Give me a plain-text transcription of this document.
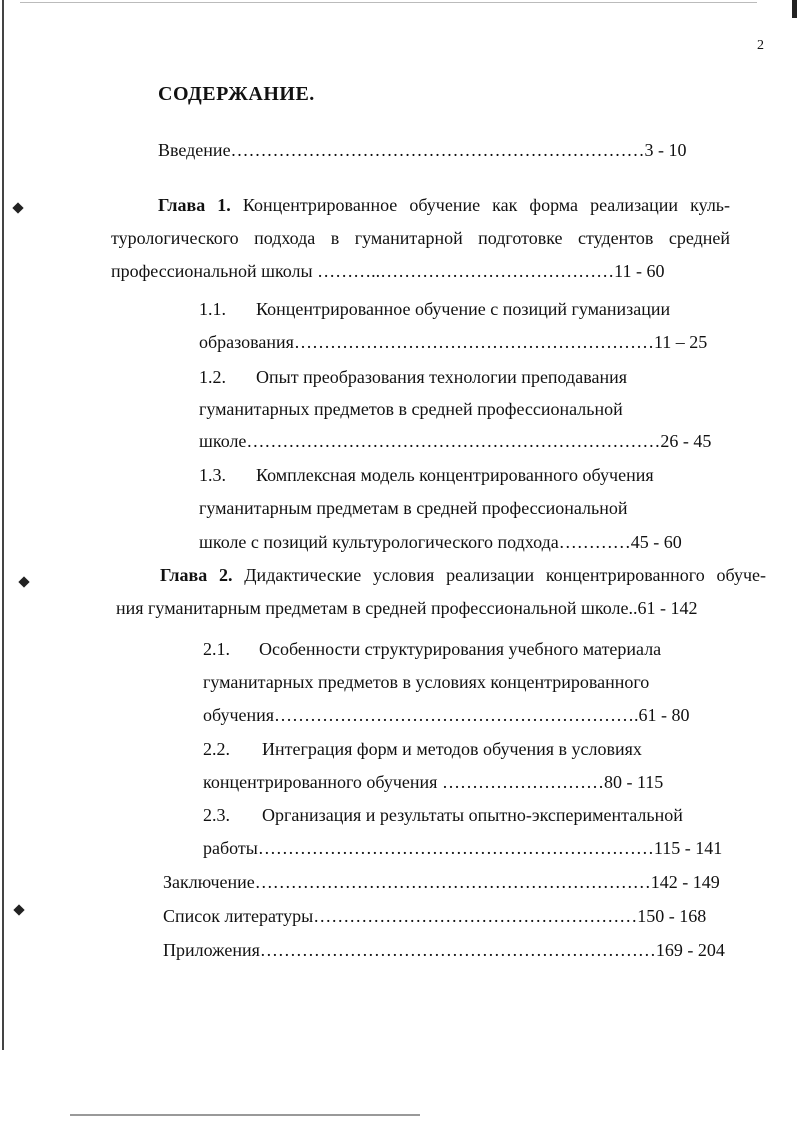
2
СОДЕРЖАНИЕ.
Введение……………………………………………………………3 - 10
Глава 1. Концентрированное обучение как форма реализации куль-
турологического подхода в гуманитарной подготовке студентов средней
профессиональной школы ………..…………………………………11 - 60
1.1. Концентрированное обучение с позиций гуманизации
образования……………………………………………………11 – 25
1.2. Опыт преобразования технологии преподавания
гуманитарных предметов в средней профессиональной
школе……………………………………………………………26 - 45
1.3. Комплексная модель концентрированного обучения
гуманитарным предметам в средней профессиональной
школе с позиций культурологического подхода…………45 - 60
Глава 2. Дидактические условия реализации концентрированного обуче-
ния гуманитарным предметам в средней профессиональной школе..61 - 142
2.1. Особенности структурирования учебного материала
гуманитарных предметов в условиях концентрированного
обучения…………………………………………………….61 - 80
2.2. Интеграция форм и методов обучения в условиях
концентрированного обучения ………………………80 - 115
2.3. Организация и результаты опытно-экспериментальной
работы…………………………………………………………115 - 141
Заключение…………………………………………………………142 - 149
Список литературы………………………………………………150 - 168
Приложения…………………………………………………………169 - 204
